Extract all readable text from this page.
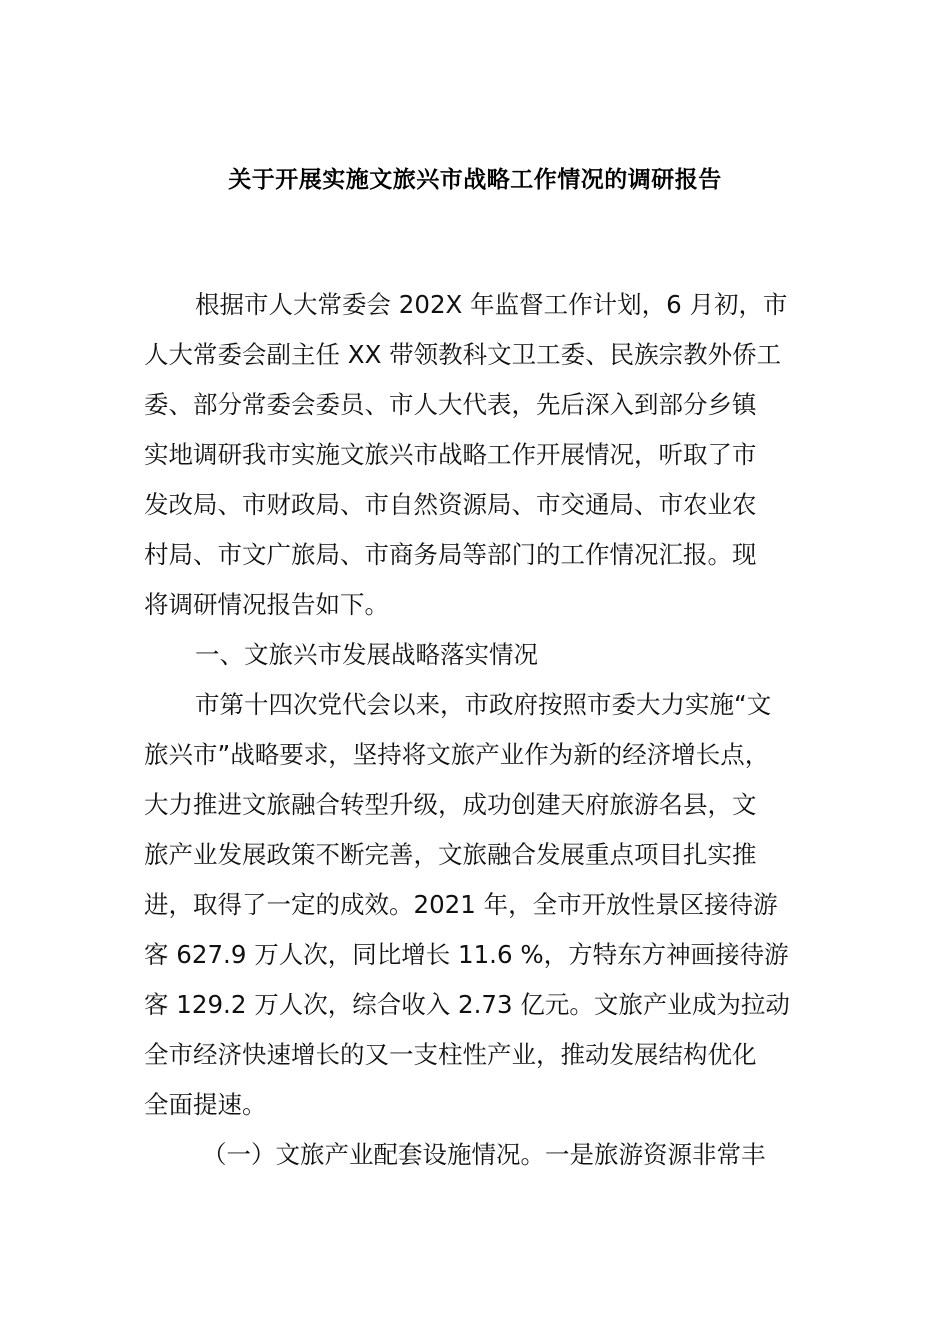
关于开展实施文旅兴市战略工作情况的调研报告
根据市人大常委会 202X 年监督工作计划，6 月初，市
人大常委会副主任 XX 带领教科文卫工委、民族宗教外侨工
委、部分常委会委员、市人大代表，先后深入到部分乡镇
实地调研我市实施文旅兴市战略工作开展情况，听取了市
发改局、市财政局、市自然资源局、市交通局、市农业农
村局、市文广旅局、市商务局等部门的工作情况汇报。现
将调研情况报告如下。
一、文旅兴市发展战略落实情况
市第十四次党代会以来，市政府按照市委大力实施“文
旅兴市”战略要求，坚持将文旅产业作为新的经济增长点，
大力推进文旅融合转型升级，成功创建天府旅游名县，文
旅产业发展政策不断完善，文旅融合发展重点项目扎实推
进，取得了一定的成效。2021 年，全市开放性景区接待游
客 627.9 万人次，同比增长 11.6 %，方特东方神画接待游
客 129.2 万人次，综合收入 2.73 亿元。文旅产业成为拉动
全市经济快速增长的又一支柱性产业，推动发展结构优化
全面提速。
（一）文旅产业配套设施情况。一是旅游资源非常丰
